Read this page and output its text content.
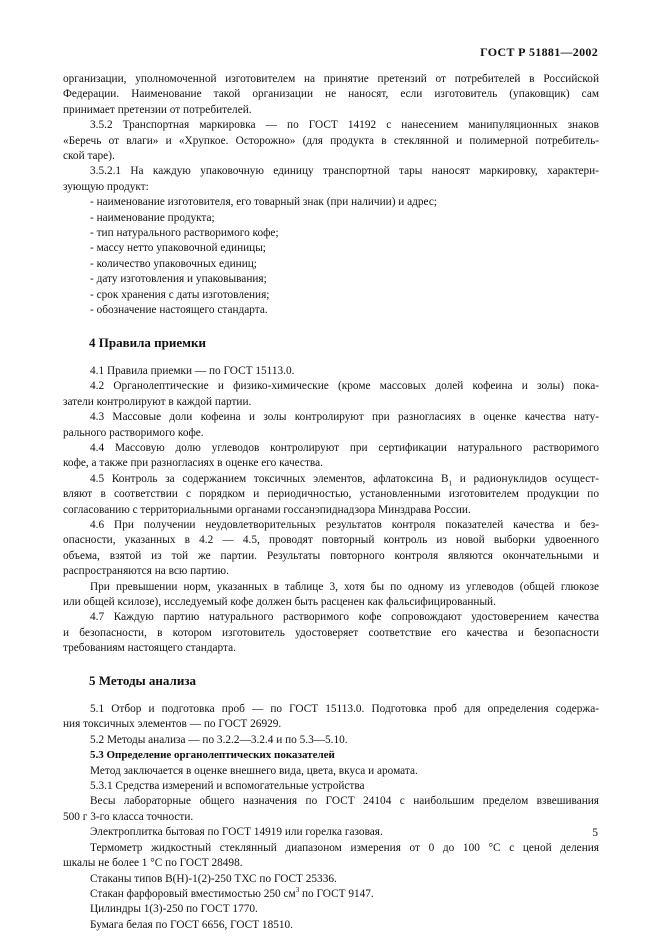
ГОСТ Р 51881—2002

организации, уполномоченной изготовителем на принятие претензий от потребителей в Российской

Федерации. Наименование такой организации не наносят, если изготовитель (упаковщик) сам

принимает претензии от потребителей.

3.5.2 Транспортная маркировка — по ГОСТ 14192 с нанесением манипуляционных знаков

«Беречь от влаги» и «Хрупкое. Осторожно» (для продукта в стеклянной и полимерной потребитель-

ской таре).

3.5.2.1 На каждую упаковочную единицу транспортной тары наносят маркировку, характери-

зующую продукт:

- наименование изготовителя, его товарный знак (при наличии) и адрес;

- наименование продукта;

- тип натурального растворимого кофе;

- массу нетто упаковочной единицы;

- количество упаковочных единиц;

- дату изготовления и упаковывания;

- срок хранения с даты изготовления;

- обозначение настоящего стандарта.

4 Правила приемки

4.1 Правила приемки — по ГОСТ 15113.0.

4.2 Органолептические и физико-химические (кроме массовых долей кофеина и золы) пока-

затели контролируют в каждой партии.

4.3 Массовые доли кофеина и золы контролируют при разногласиях в оценке качества нату-

рального растворимого кофе.

4.4 Массовую долю углеводов контролируют при сертификации натурального растворимого

кофе, а также при разногласиях в оценке его качества.

4.5 Контроль за содержанием токсичных элементов, афлатоксина $B_1$ и радионуклидов осущест-

вляют в соответствии с порядком и периодичностью, установленными изготовителем продукции по

согласованию с территориальными органами госсанэпиднадзора Минздрава России.

4.6 При получении неудовлетворительных результатов контроля показателей качества и без-

опасности, указанных в 4.2 — 4.5, проводят повторный контроль из новой выборки удвоенного

объема, взятой из той же партии. Результаты повторного контроля являются окончательными и

распространяются на всю партию.

При превышении норм, указанных в таблице 3, хотя бы по одному из углеводов (общей глюкозе

или общей ксилозе), исследуемый кофе должен быть расценен как фальсифицированный.

4.7 Каждую партию натурального растворимого кофе сопровождают удостоверением качества

и безопасности, в котором изготовитель удостоверяет соответствие его качества и безопасности

требованиям настоящего стандарта.

5 Методы анализа

5.1 Отбор и подготовка проб — по ГОСТ 15113.0. Подготовка проб для определения содержа-

ния токсичных элементов — по ГОСТ 26929.

5.2 Методы анализа — по 3.2.2—3.2.4 и по 5.3—5.10.

5.3 Определение органолептических показателей

Метод заключается в оценке внешнего вида, цвета, вкуса и аромата.

5.3.1 Средства измерений и вспомогательные устройства

Весы лабораторные общего назначения по ГОСТ 24104 с наибольшим пределом взвешивания

500 г 3-го класса точности.

Электроплитка бытовая по ГОСТ 14919 или горелка газовая.

Термометр жидкостный стеклянный диапазоном измерения от 0 до 100 °С с ценой деления

шкалы не более 1 °С по ГОСТ 28498.

Стаканы типов В(Н)-1(2)-250 ТХС по ГОСТ 25336.

Стакан фарфоровый вместимостью 250 $см^3$ по ГОСТ 9147.

Цилиндры 1(3)-250 по ГОСТ 1770.

Бумага белая по ГОСТ 6656, ГОСТ 18510.

5
